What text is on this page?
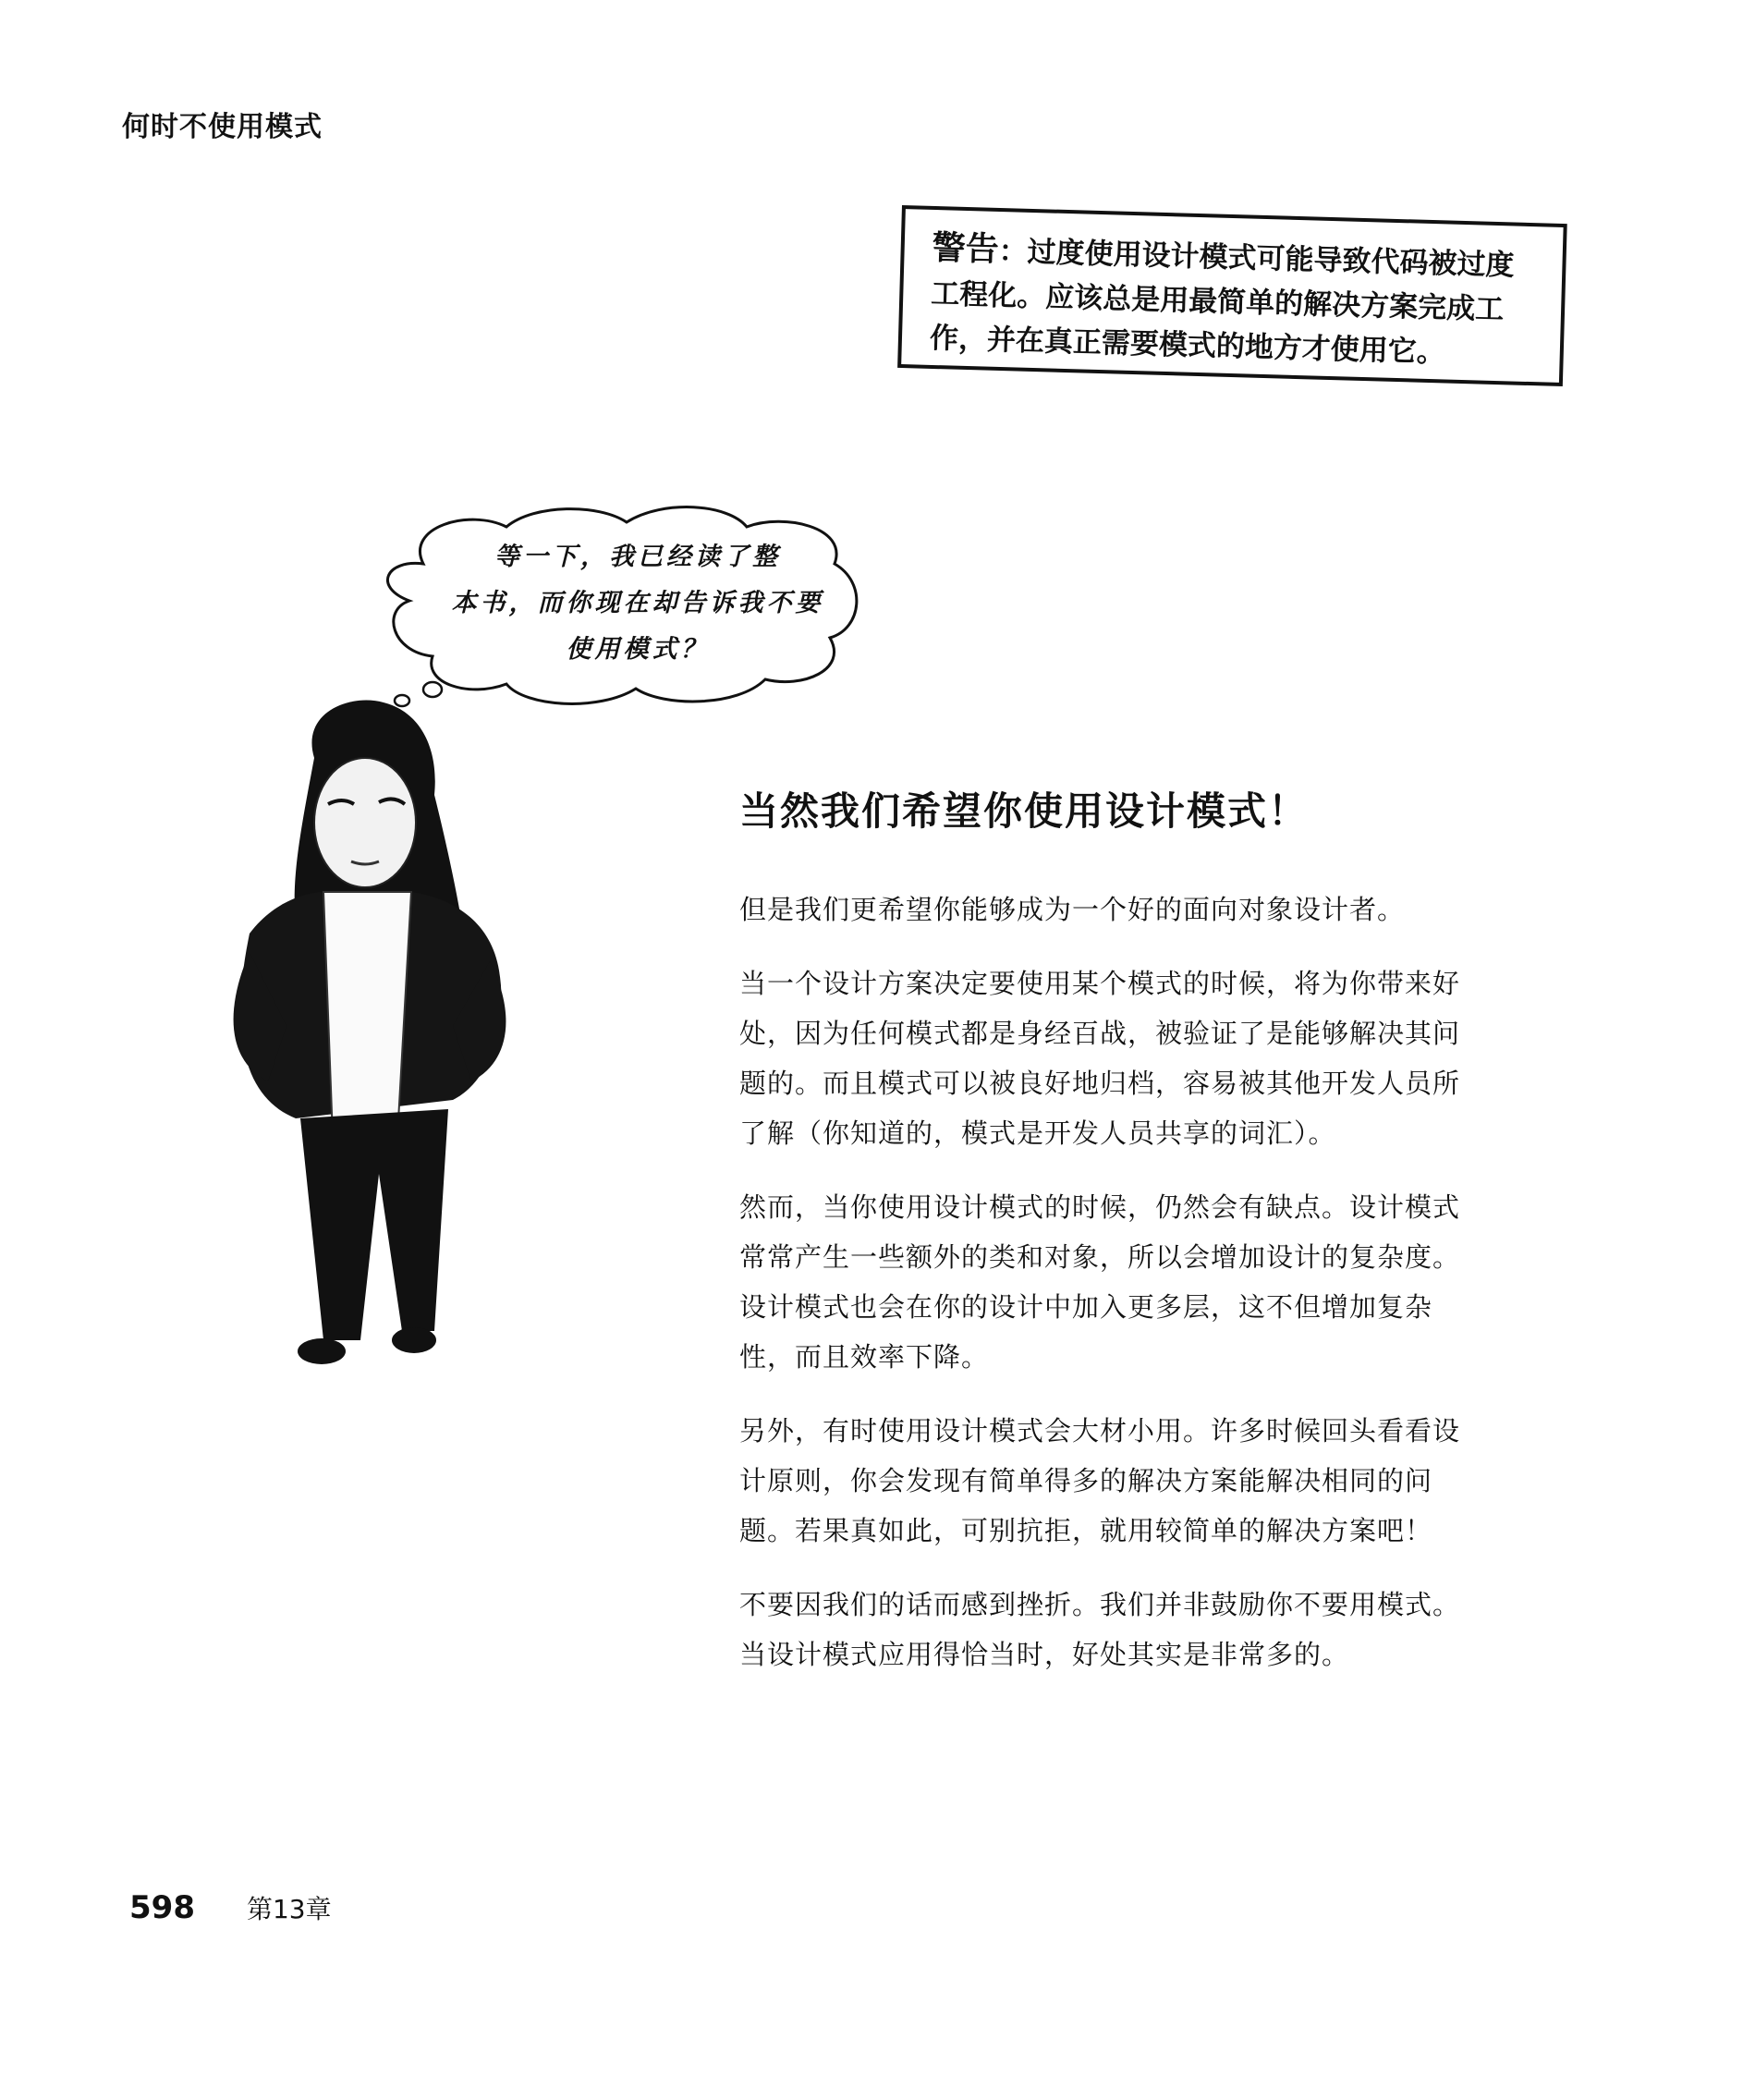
何时不使用模式
警告：过度使用设计模式可能导致代码被过度工程化。应该总是用最简单的解决方案完成工作，并在真正需要模式的地方才使用它。
等一下，我已经读了整
本书，而你现在却告诉我不要
使用模式？
当然我们希望你使用设计模式！

但是我们更希望你能够成为一个好的面向对象设计者。

当一个设计方案决定要使用某个模式的时候，将为你带来好处，因为任何模式都是身经百战，被验证了是能够解决其问题的。而且模式可以被良好地归档，容易被其他开发人员所了解（你知道的，模式是开发人员共享的词汇）。

然而，当你使用设计模式的时候，仍然会有缺点。设计模式常常产生一些额外的类和对象，所以会增加设计的复杂度。设计模式也会在你的设计中加入更多层，这不但增加复杂性，而且效率下降。

另外，有时使用设计模式会大材小用。许多时候回头看看设计原则，你会发现有简单得多的解决方案能解决相同的问题。若果真如此，可别抗拒，就用较简单的解决方案吧！

不要因我们的话而感到挫折。我们并非鼓励你不要用模式。当设计模式应用得恰当时，好处其实是非常多的。

598 第13章
